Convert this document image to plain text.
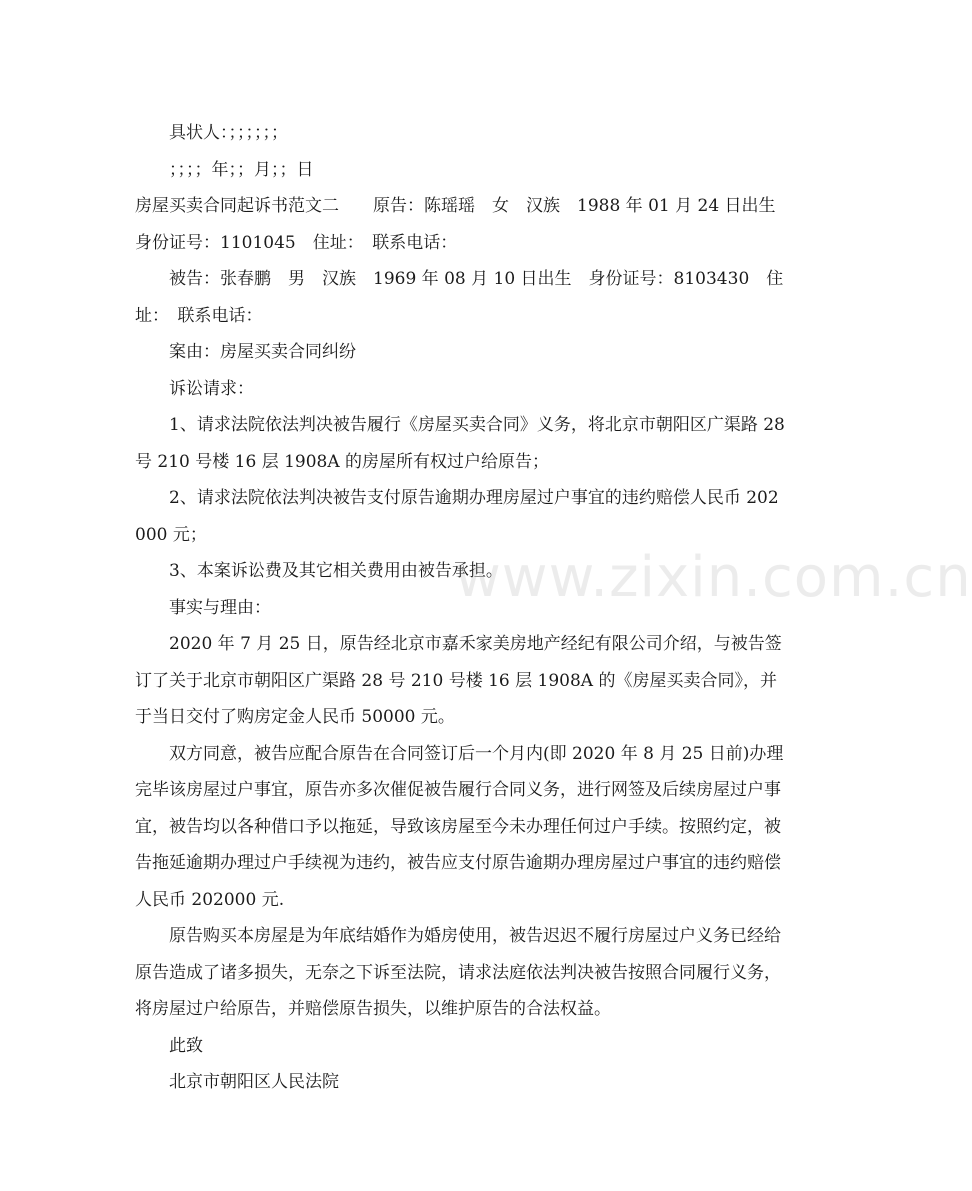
具状人：；；；；；；

；；；；年；；月；；日

房屋买卖合同起诉书范文二　　原告：陈瑶瑶　女　汉族　1988 年 01 月 24 日出生　身份证号：1101045　住址：　联系电话：

被告：张春鹏　男　汉族　1969 年 08 月 10 日出生　身份证号：8103430　住址：　联系电话：

案由：房屋买卖合同纠纷

诉讼请求：

1、请求法院依法判决被告履行《房屋买卖合同》义务，将北京市朝阳区广渠路 28 号 210 号楼 16 层 1908A 的房屋所有权过户给原告；

2、请求法院依法判决被告支付原告逾期办理房屋过户事宜的违约赔偿人民币 202000 元；

3、本案诉讼费及其它相关费用由被告承担。

事实与理由：

2020 年 7 月 25 日，原告经北京市嘉禾家美房地产经纪有限公司介绍，与被告签订了关于北京市朝阳区广渠路 28 号 210 号楼 16 层 1908A 的《房屋买卖合同》，并于当日交付了购房定金人民币 50000 元。

双方同意，被告应配合原告在合同签订后一个月内(即 2020 年 8 月 25 日前)办理完毕该房屋过户事宜，原告亦多次催促被告履行合同义务，进行网签及后续房屋过户事宜，被告均以各种借口予以拖延，导致该房屋至今未办理任何过户手续。按照约定，被告拖延逾期办理过户手续视为违约，被告应支付原告逾期办理房屋过户事宜的违约赔偿人民币 202000 元.

原告购买本房屋是为年底结婚作为婚房使用，被告迟迟不履行房屋过户义务已经给原告造成了诸多损失，无奈之下诉至法院，请求法庭依法判决被告按照合同履行义务，将房屋过户给原告，并赔偿原告损失，以维护原告的合法权益。

此致

北京市朝阳区人民法院

www.zixin.com.cn
